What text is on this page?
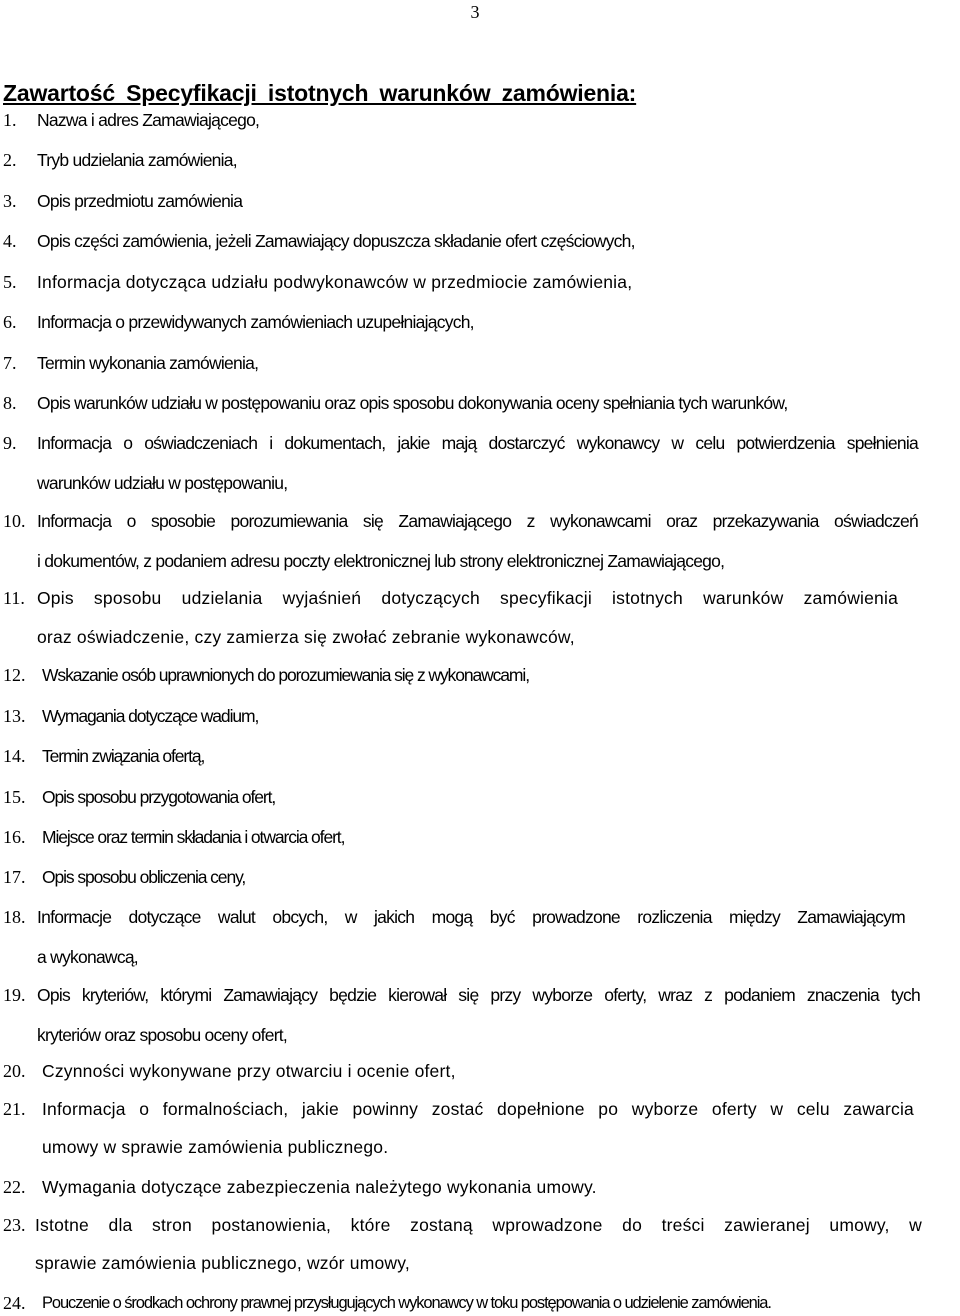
3
Zawartość Specyfikacji istotnych warunków zamówienia:
1. Nazwa i adres Zamawiającego,
2. Tryb udzielania zamówienia,
3. Opis przedmiotu zamówienia
4. Opis części zamówienia, jeżeli Zamawiający dopuszcza składanie ofert częściowych,
5. Informacja dotycząca udziału podwykonawców w przedmiocie zamówienia,
6. Informacja o przewidywanych zamówieniach uzupełniających,
7. Termin wykonania zamówienia,
8. Opis warunków udziału w postępowaniu oraz opis sposobu dokonywania oceny spełniania tych warunków,
9. Informacja o oświadczeniach i dokumentach, jakie mają dostarczyć wykonawcy w celu potwierdzenia spełnienia
warunków udziału w postępowaniu,
10. Informacja o sposobie porozumiewania się Zamawiającego z wykonawcami oraz przekazywania oświadczeń
i dokumentów, z podaniem adresu poczty elektronicznej lub strony elektronicznej Zamawiającego,
11. Opis sposobu udzielania wyjaśnień dotyczących specyfikacji istotnych warunków zamówienia
oraz oświadczenie, czy zamierza się zwołać zebranie wykonawców,
12. Wskazanie osób uprawnionych do porozumiewania się z wykonawcami,
13. Wymagania dotyczące wadium,
14. Termin związania ofertą,
15. Opis sposobu przygotowania ofert,
16. Miejsce oraz termin składania i otwarcia ofert,
17. Opis sposobu obliczenia ceny,
18. Informacje dotyczące walut obcych, w jakich mogą być prowadzone rozliczenia między Zamawiającym
a wykonawcą,
19. Opis kryteriów, którymi Zamawiający będzie kierował się przy wyborze oferty, wraz z podaniem znaczenia tych
kryteriów oraz sposobu oceny ofert,
20. Czynności wykonywane przy otwarciu i ocenie ofert,
21. Informacja o formalnościach, jakie powinny zostać dopełnione po wyborze oferty w celu zawarcia
umowy w sprawie zamówienia publicznego.
22. Wymagania dotyczące zabezpieczenia należytego wykonania umowy.
23. Istotne dla stron postanowienia, które zostaną wprowadzone do treści zawieranej umowy, w
sprawie zamówienia publicznego, wzór umowy,
24. Pouczenie o środkach ochrony prawnej przysługujących wykonawcy w toku postępowania o udzielenie zamówienia.
